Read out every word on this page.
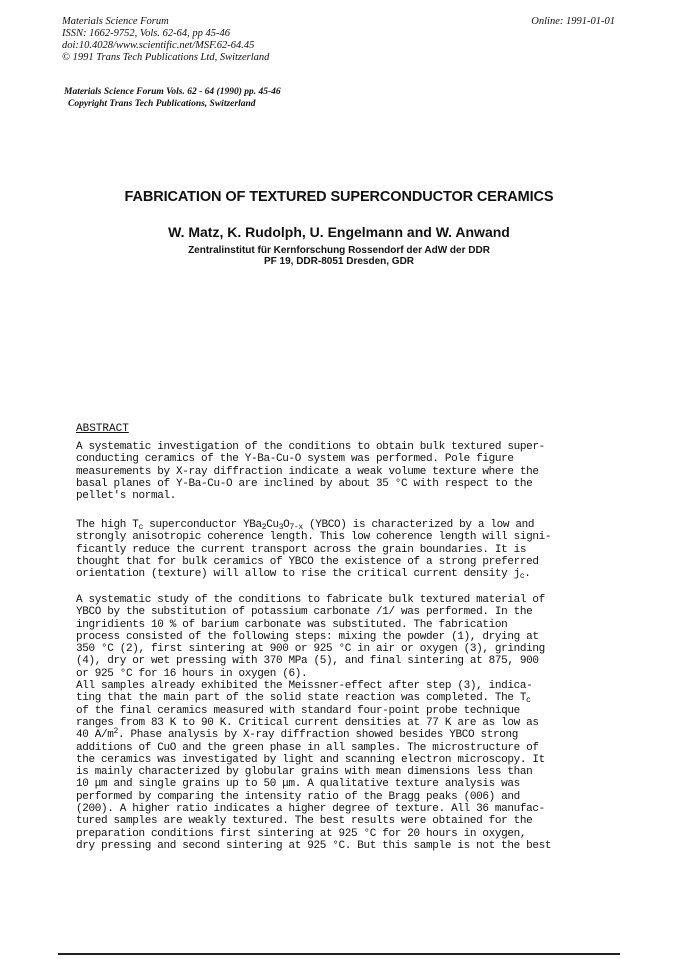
Materials Science Forum
ISSN: 1662-9752, Vols. 62-64, pp 45-46
doi:10.4028/www.scientific.net/MSF.62-64.45
© 1991 Trans Tech Publications Ltd, Switzerland
Online: 1991-01-01
Materials Science Forum Vols. 62 - 64 (1990) pp. 45-46
Copyright Trans Tech Publications, Switzerland
FABRICATION OF TEXTURED SUPERCONDUCTOR CERAMICS
W. Matz, K. Rudolph, U. Engelmann and W. Anwand
Zentralinstitut für Kernforschung Rossendorf der AdW der DDR
PF 19, DDR-8051 Dresden, GDR
ABSTRACT
A systematic investigation of the conditions to obtain bulk textured super-
conducting ceramics of the Y-Ba-Cu-O system was performed. Pole figure
measurements by X-ray diffraction indicate a weak volume texture where the
basal planes of Y-Ba-Cu-O are inclined by about 35 °C with respect to the
pellet's normal.
The high $T_c$ superconductor $YBa_2Cu_3O_{7-x}$ (YBCO) is characterized by a low and
strongly anisotropic coherence length. This low coherence length will signi-
ficantly reduce the current transport across the grain boundaries. It is
thought that for bulk ceramics of YBCO the existence of a strong preferred
orientation (texture) will allow to rise the critical current density $j_c$.
A systematic study of the conditions to fabricate bulk textured material of
YBCO by the substitution of potassium carbonate /1/ was performed. In the
ingridients 10 % of barium carbonate was substituted. The fabrication
process consisted of the following steps: mixing the powder (1), drying at
350 °C (2), first sintering at 900 or 925 °C in air or oxygen (3), grinding
(4), dry or wet pressing with 370 MPa (5), and final sintering at 875, 900
or 925 °C for 16 hours in oxygen (6).
All samples already exhibited the Meissner-effect after step (3), indica-
ting that the main part of the solid state reaction was completed. The $T_c$
of the final ceramics measured with standard four-point probe technique
ranges from 83 K to 90 K. Critical current densities at 77 K are as low as
40 $A/m^2$. Phase analysis by X-ray diffraction showed besides YBCO strong
additions of CuO and the green phase in all samples. The microstructure of
the ceramics was investigated by light and scanning electron microscopy. It
is mainly characterized by globular grains with mean dimensions less than
10 μm and single grains up to 50 μm. A qualitative texture analysis was
performed by comparing the intensity ratio of the Bragg peaks (006) and
(200). A higher ratio indicates a higher degree of texture. All 36 manufac-
tured samples are weakly textured. The best results were obtained for the
preparation conditions first sintering at 925 °C for 20 hours in oxygen,
dry pressing and second sintering at 925 °C. But this sample is not the best
